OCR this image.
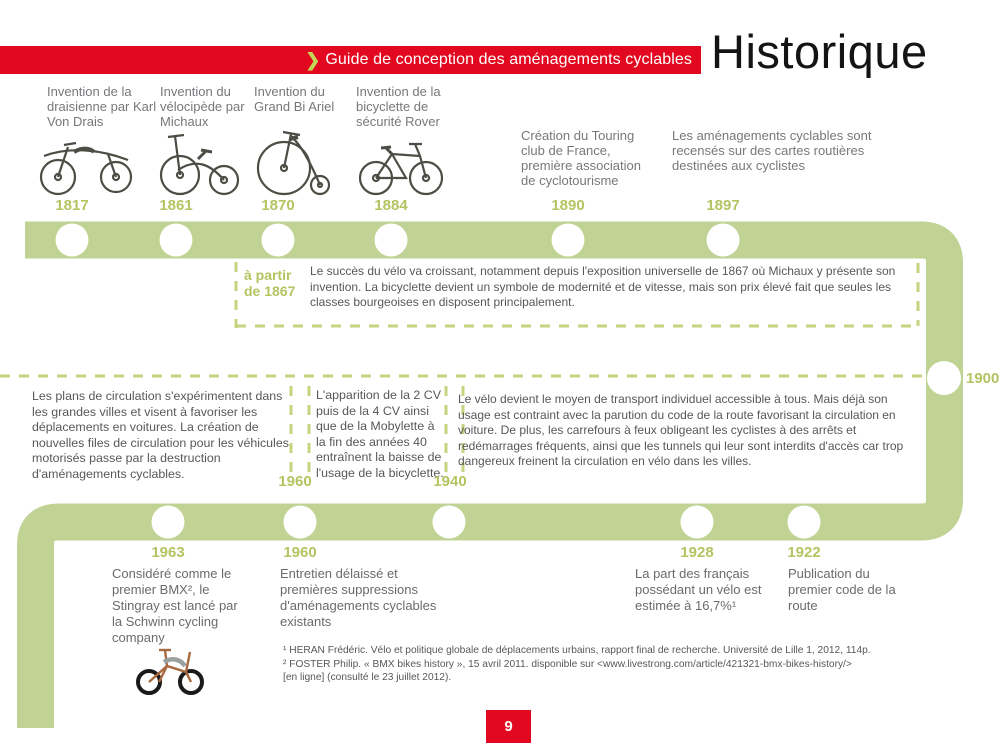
❯ Guide de conception des aménagements cyclables Historique
Invention de la draisienne par Karl Von Drais
Invention du vélocipède par Michaux
Invention du Grand Bi Ariel
Invention de la bicyclette de sécurité Rover
Création du Touring club de France, première association de cyclotourisme
Les aménagements cyclables sont recensés sur des cartes routières destinées aux cyclistes
1817	1861	1870	1884	1890	1897
1900
à partir
de 1867
Le succès du vélo va croissant, notamment depuis l'exposition universelle de 1867 où Michaux y présente son invention. La bicyclette devient un symbole de modernité et de vitesse, mais son prix élevé fait que seules les classes bourgeoises en disposent principalement.
Les plans de circulation s'expérimentent dans les grandes villes et visent à favoriser les déplacements en voitures. La création de nouvelles files de circulation pour les véhicules motorisés passe par la destruction d'aménagements cyclables.
L'apparition de la 2 CV puis de la 4 CV ainsi que de la Mobylette à la fin des années 40 entraînent la baisse de l'usage de la bicyclette.
Le vélo devient le moyen de transport individuel accessible à tous. Mais déjà son usage est contraint avec la parution du code de la route favorisant la circulation en voiture. De plus, les carrefours à feux obligeant les cyclistes à des arrêts et redémarrages fréquents, ainsi que les tunnels qui leur sont interdits d'accès car trop dangereux freinent la circulation en vélo dans les villes.
1960	1940
1963	1960	1928	1922
Considéré comme le premier BMX², le Stingray est lancé par la Schwinn cycling company
Entretien délaissé et premières suppressions d'aménagements cyclables existants
La part des français possédant un vélo est estimée à 16,7%¹
Publication du premier code de la route
¹ HERAN Frédéric. Vélo et politique globale de déplacements urbains, rapport final de recherche. Université de Lille 1, 2012, 114p.
² FOSTER Philip. « BMX bikes history », 15 avril 2011. disponible sur <www.livestrong.com/article/421321-bmx-bikes-history/>
[en ligne] (consulté le 23 juillet 2012).
9
